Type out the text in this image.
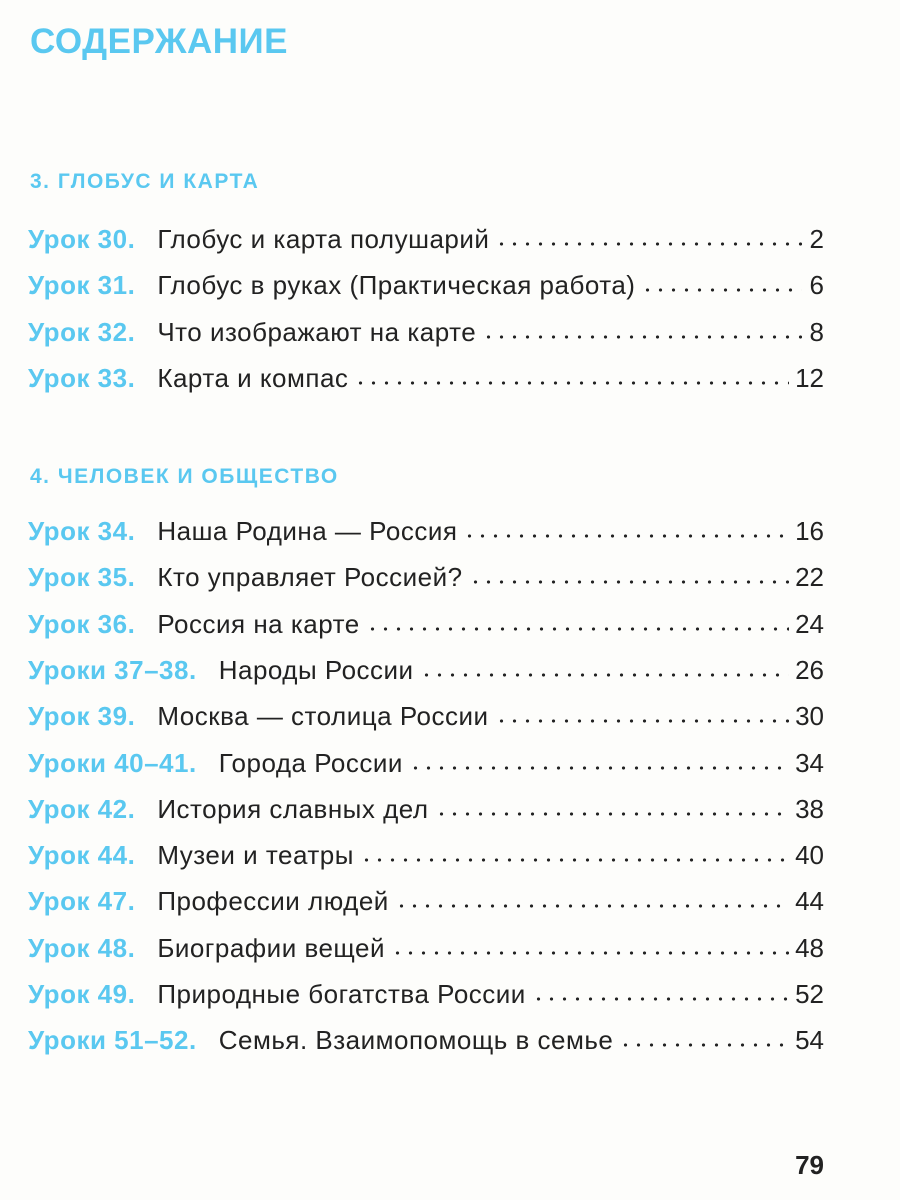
СОДЕРЖАНИЕ
3. ГЛОБУС И КАРТА
Урок 30. Глобус и карта полушарий	2
Урок 31. Глобус в руках (Практическая работа)	6
Урок 32. Что изображают на карте	8
Урок 33. Карта и компас	12
4. ЧЕЛОВЕК И ОБЩЕСТВО
Урок 34. Наша Родина — Россия	16
Урок 35. Кто управляет Россией?	22
Урок 36. Россия на карте	24
Уроки 37–38. Народы России	26
Урок 39. Москва — столица России	30
Уроки 40–41. Города России	34
Урок 42. История славных дел	38
Урок 44. Музеи и театры	40
Урок 47. Профессии людей	44
Урок 48. Биографии вещей	48
Урок 49. Природные богатства России	52
Уроки 51–52. Семья. Взаимопомощь в семье	54
79
